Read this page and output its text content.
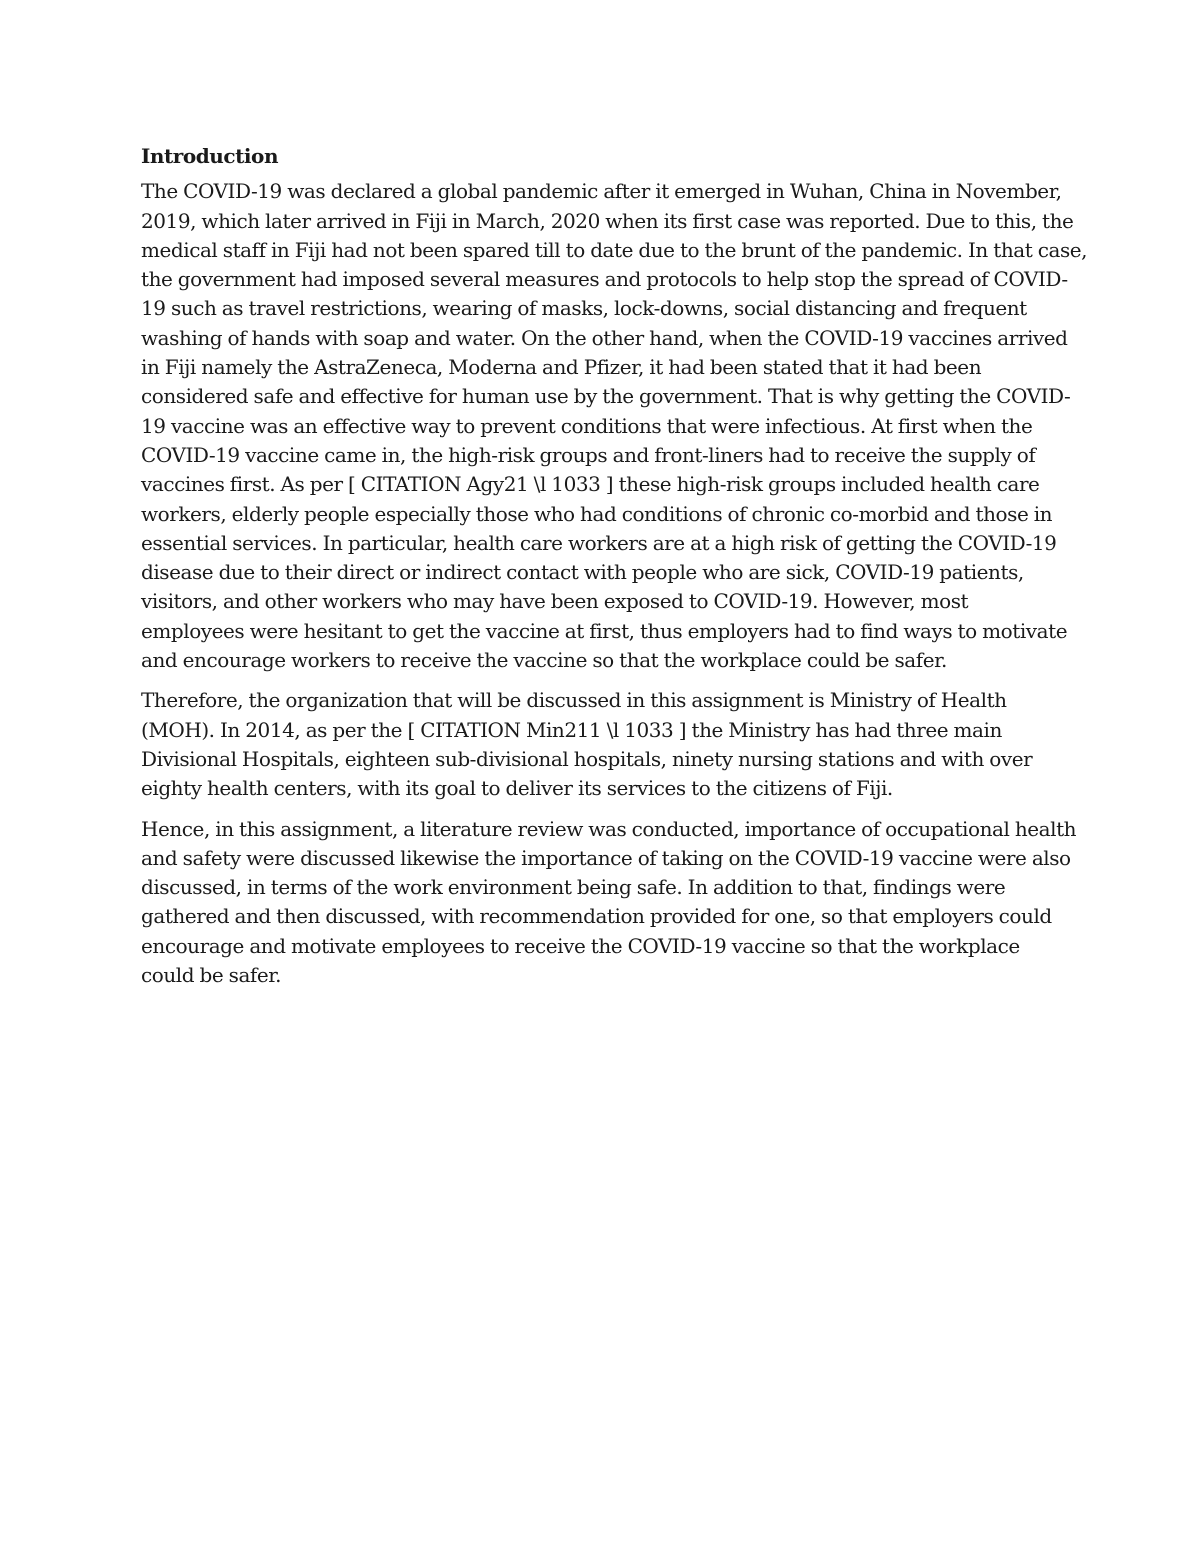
Introduction
The COVID-19 was declared a global pandemic after it emerged in Wuhan, China in November,
2019, which later arrived in Fiji in March, 2020 when its first case was reported. Due to this, the
medical staff in Fiji had not been spared till to date due to the brunt of the pandemic. In that case,
the government had imposed several measures and protocols to help stop the spread of COVID-
19 such as travel restrictions, wearing of masks, lock-downs, social distancing and frequent
washing of hands with soap and water. On the other hand, when the COVID-19 vaccines arrived
in Fiji namely the AstraZeneca, Moderna and Pfizer, it had been stated that it had been
considered safe and effective for human use by the government. That is why getting the COVID-
19 vaccine was an effective way to prevent conditions that were infectious. At first when the
COVID-19 vaccine came in, the high-risk groups and front-liners had to receive the supply of
vaccines first. As per [ CITATION Agy21 \l 1033 ] these high-risk groups included health care
workers, elderly people especially those who had conditions of chronic co-morbid and those in
essential services. In particular, health care workers are at a high risk of getting the COVID-19
disease due to their direct or indirect contact with people who are sick, COVID-19 patients,
visitors, and other workers who may have been exposed to COVID-19. However, most
employees were hesitant to get the vaccine at first, thus employers had to find ways to motivate
and encourage workers to receive the vaccine so that the workplace could be safer.
Therefore, the organization that will be discussed in this assignment is Ministry of Health
(MOH). In 2014, as per the [ CITATION Min211 \l 1033 ] the Ministry has had three main
Divisional Hospitals, eighteen sub-divisional hospitals, ninety nursing stations and with over
eighty health centers, with its goal to deliver its services to the citizens of Fiji.
Hence, in this assignment, a literature review was conducted, importance of occupational health
and safety were discussed likewise the importance of taking on the COVID-19 vaccine were also
discussed, in terms of the work environment being safe. In addition to that, findings were
gathered and then discussed, with recommendation provided for one, so that employers could
encourage and motivate employees to receive the COVID-19 vaccine so that the workplace
could be safer.
